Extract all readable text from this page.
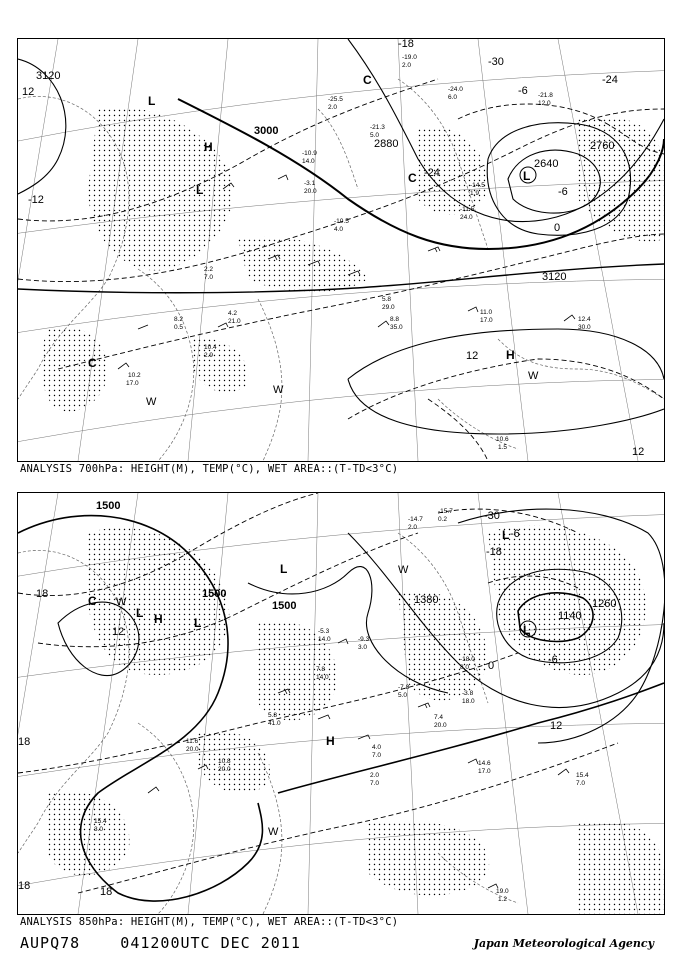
3120
3000
2880
2640
2760
3120
12
-12
-18
-24
-30
-24
-6
0
-6
12
12
L
H
L
C
C	L
H
C
W
W
W
10.6
1.5
12.4
30.0
11.0
17.0
8.8
35.0
5.8
29.0
10.2
17.0
10.4
2.9
8.2
0.5
4.2
21.0
2.2
7.0
-10.5
4.0
-3.1
20.0
-21.3
5.0
-25.5
2.0
-19.0
2.0
-24.0
6.0	-21.8
12.0
-14.5
1.9
-11.5
24.0
-10.9
14.0
ANALYSIS 700hPa: HEIGHT(M), TEMP(°C), WET AREA::(T-TD<3°C)
1500
1500
1500	1380	1260
1140
18
12
18
18	18
-18
-30
-6
12
0
-6
L H	L
L
H
L
L
C W
W
W
19.0
1.2
15.4
7.0
14.6
17.0
15.4
3.0
10.8
20.0
11.6
20.0
5.8
41.0
4.0
7.0
2.0
7.0
7.4
20.0
7.8
14.0
-5.3
14.0
-7.8
5.0
-15.7
0.2
-14.7
2.0
-9.3
3.0
-3.8
18.0
-18.0
8.0
ANALYSIS 850hPa: HEIGHT(M), TEMP(°C), WET AREA::(T-TD<3°C)
AUPQ78    041200UTC DEC 2011	Japan Meteorological Agency
